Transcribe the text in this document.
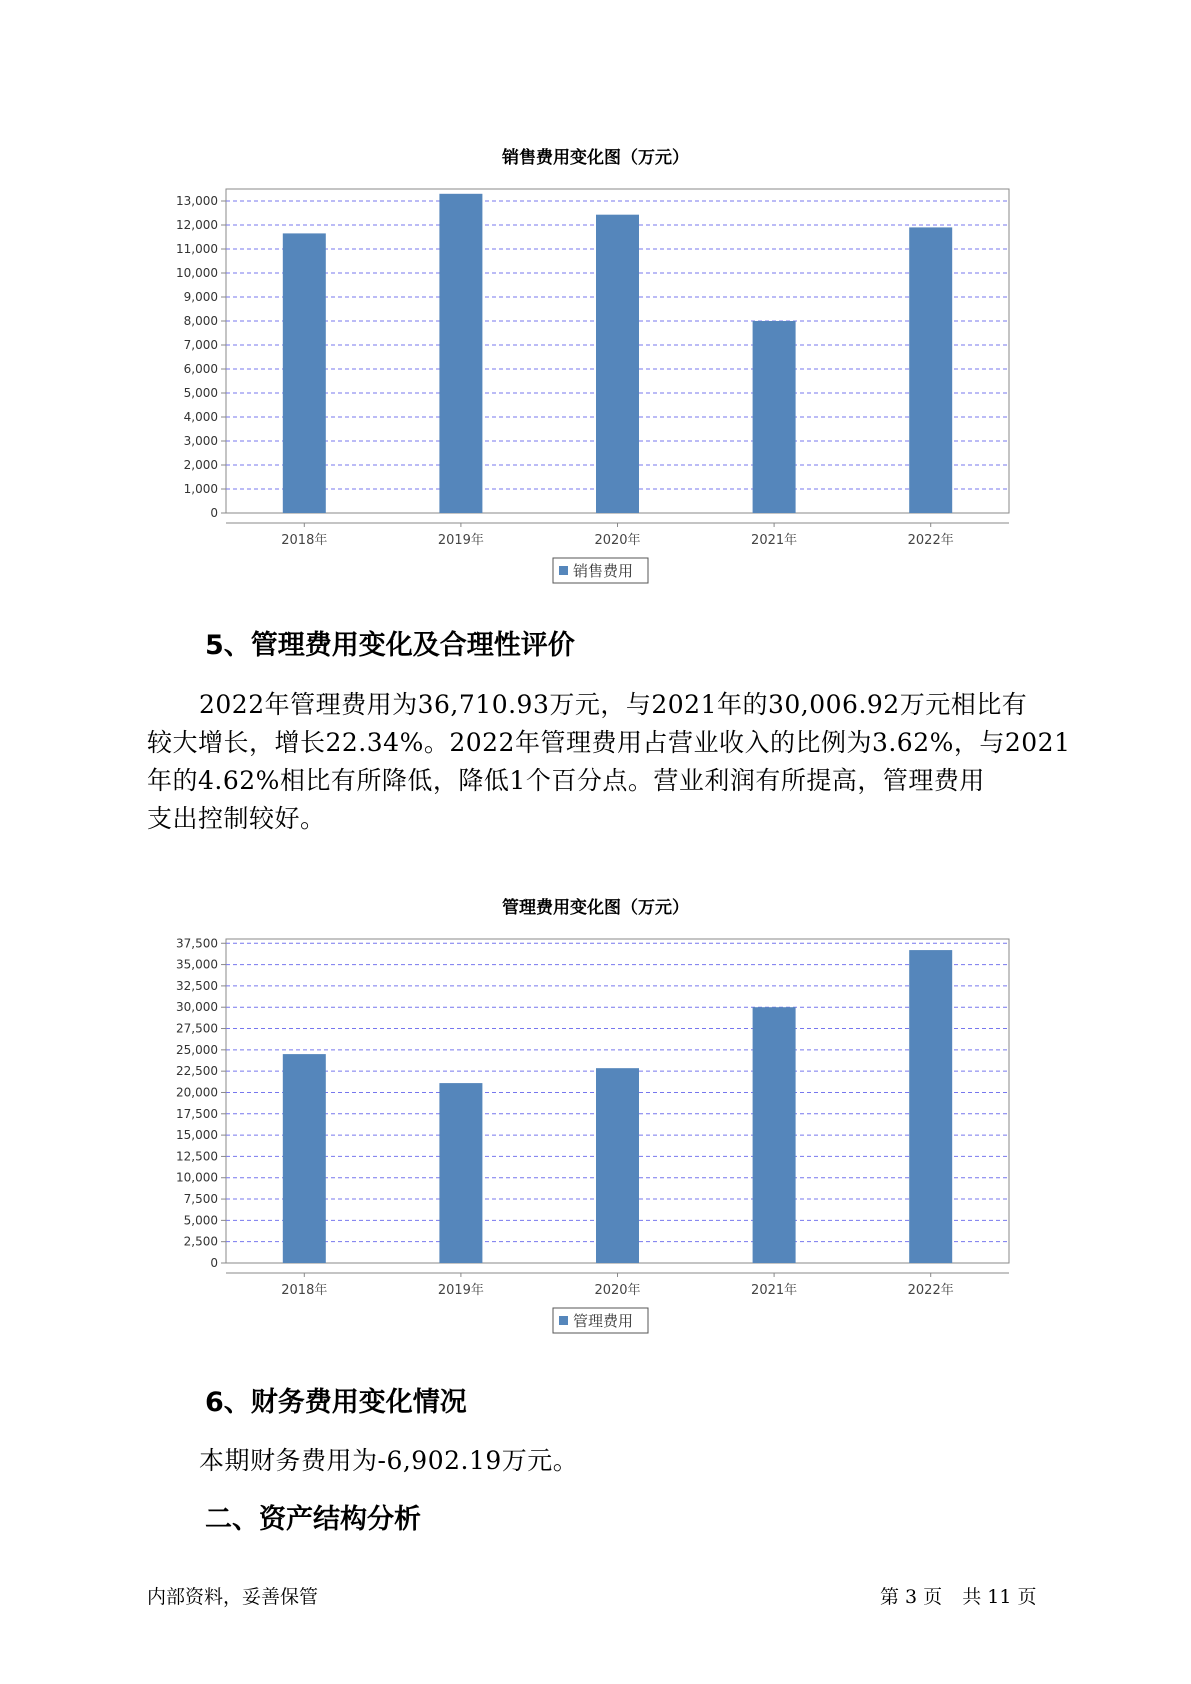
销售费用变化图（万元）
0
1,000
2,000
3,000
4,000
5,000
6,000
7,000
8,000
9,000
10,000
11,000
12,000
13,000
2018年	2019年	2020年	2021年	2022年
销售费用
5、管理费用变化及合理性评价
2022年管理费用为36,710.93万元，与2021年的30,006.92万元相比有
较大增长，增长22.34%。2022年管理费用占营业收入的比例为3.62%，与2021
年的4.62%相比有所降低，降低1个百分点。营业利润有所提高，管理费用
支出控制较好。
管理费用变化图（万元）
0
2,500
5,000
7,500
10,000
12,500
15,000
17,500
20,000
22,500
25,000
27,500
30,000
32,500
35,000
37,500
2018年	2019年	2020年	2021年	2022年
管理费用
6、财务费用变化情况
本期财务费用为-6,902.19万元。
二、资产结构分析
内部资料，妥善保管	第 3 页 共 11 页
